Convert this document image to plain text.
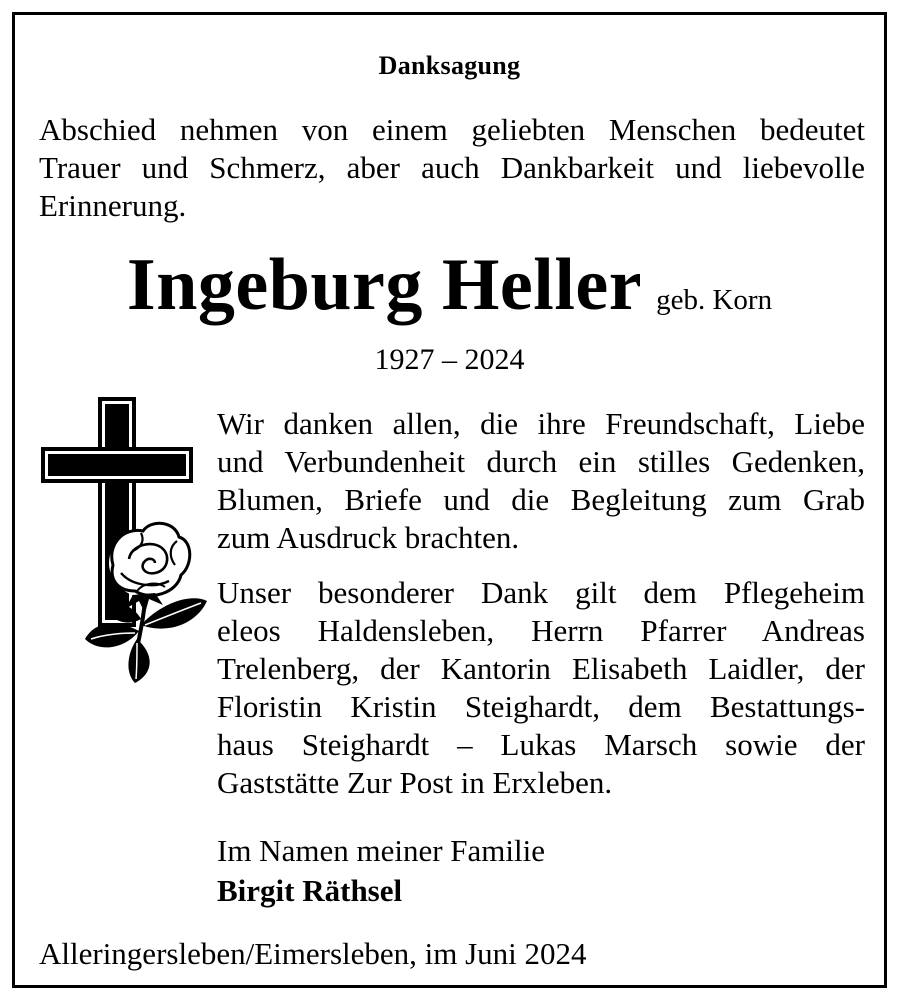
Danksagung
Abschied nehmen von einem geliebten Menschen bedeutet
Trauer und Schmerz, aber auch Dankbarkeit und liebevolle
Erinnerung.
Ingeburg Heller geb. Korn
1927 – 2024

Wir danken allen, die ihre Freundschaft, Liebe
und Verbundenheit durch ein stilles Gedenken,
Blumen, Briefe und die Begleitung zum Grab
zum Ausdruck brachten.

Unser besonderer Dank gilt dem Pflegeheim
eleos Haldensleben, Herrn Pfarrer Andreas
Trelenberg, der Kantorin Elisabeth Laidler, der
Floristin Kristin Steighardt, dem Bestattungs-
haus Steighardt – Lukas Marsch sowie der
Gaststätte Zur Post in Erxleben.

Im Namen meiner Familie
Birgit Räthsel
Alleringersleben/Eimersleben, im Juni 2024
